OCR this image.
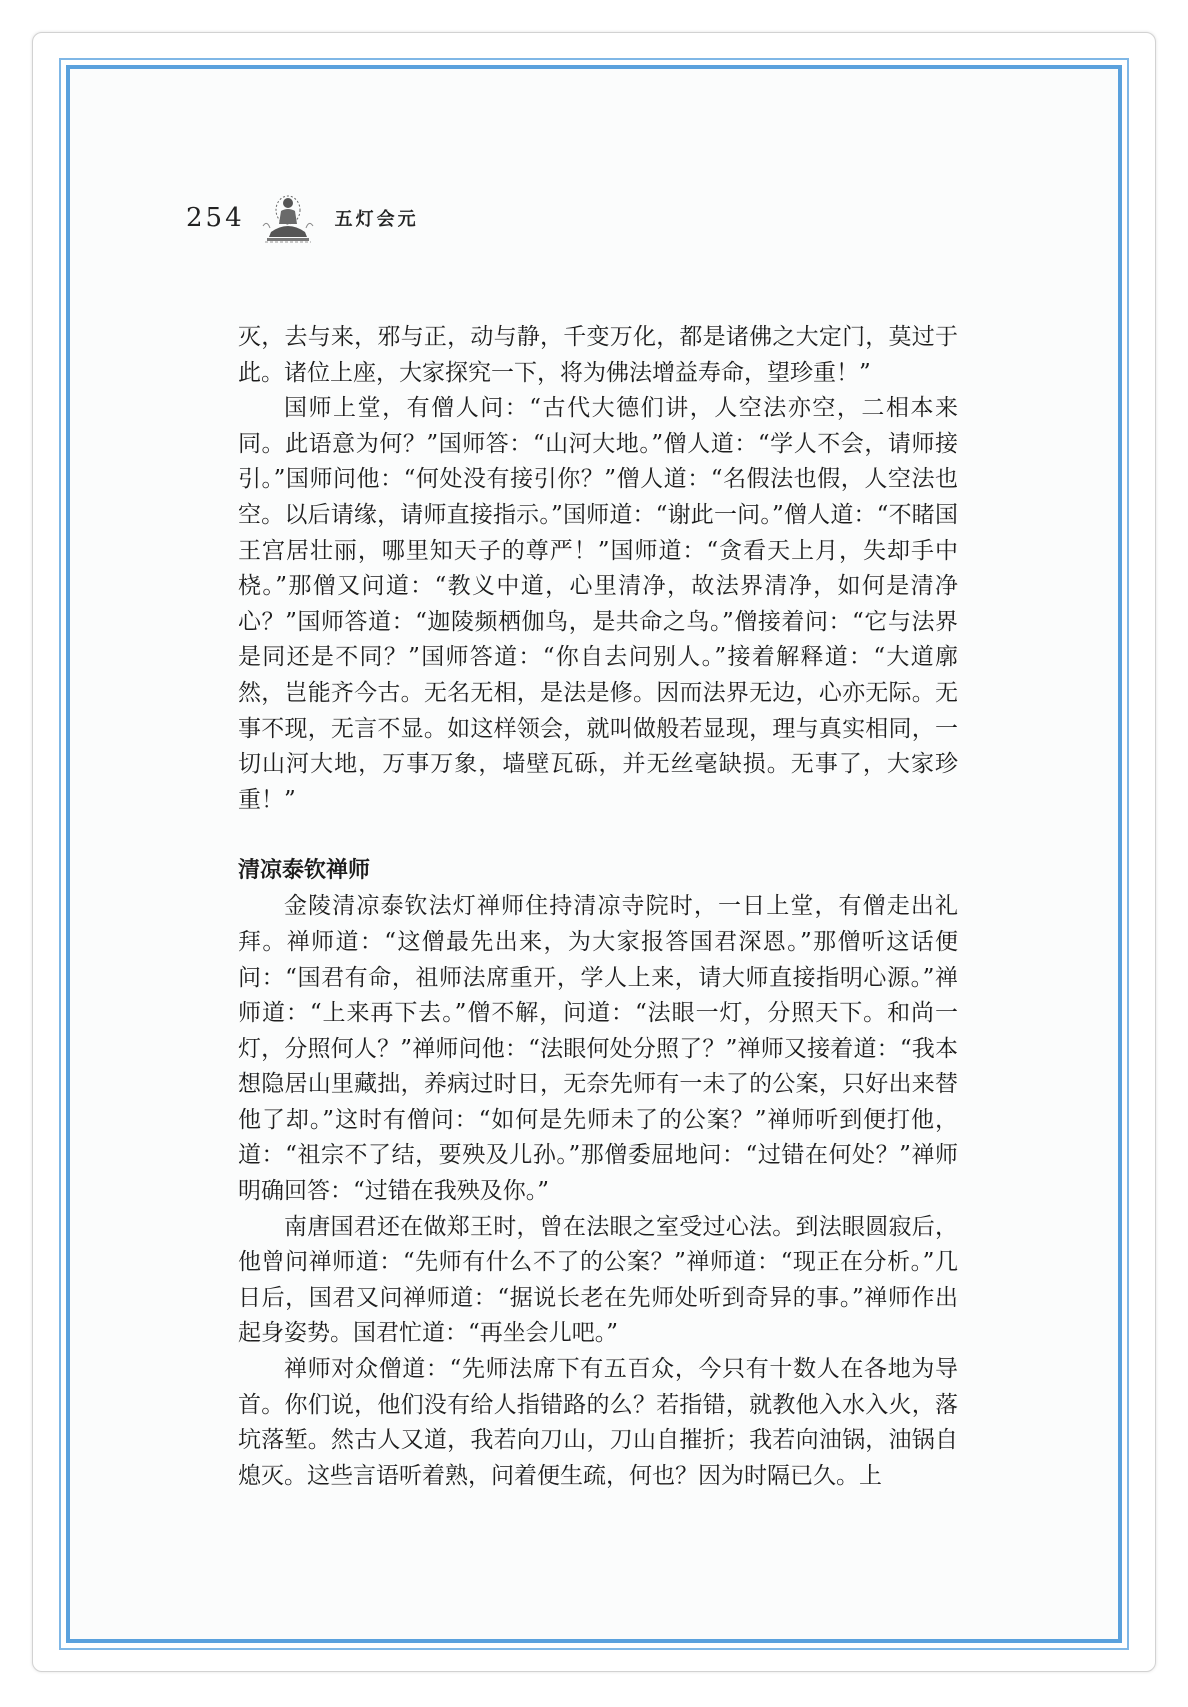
254	五灯会元

灭，去与来，邪与正，动与静，千变万化，都是诸佛之大定门，莫过于此。诸位上座，大家探究一下，将为佛法增益寿命，望珍重！”

国师上堂，有僧人问：“古代大德们讲，人空法亦空，二相本来同。此语意为何？”国师答：“山河大地。”僧人道：“学人不会，请师接引。”国师问他：“何处没有接引你？”僧人道：“名假法也假，人空法也空。以后请缘，请师直接指示。”国师道：“谢此一问。”僧人道：“不睹国王宫居壮丽，哪里知天子的尊严！”国师道：“贪看天上月，失却手中桡。”那僧又问道：“教义中道，心里清净，故法界清净，如何是清净心？”国师答道：“迦陵频栖伽鸟，是共命之鸟。”僧接着问：“它与法界是同还是不同？”国师答道：“你自去问别人。”接着解释道：“大道廓然，岂能齐今古。无名无相，是法是修。因而法界无边，心亦无际。无事不现，无言不显。如这样领会，就叫做般若显现，理与真实相同，一切山河大地，万事万象，墙壁瓦砾，并无丝毫缺损。无事了，大家珍重！”

清凉泰钦禅师

金陵清凉泰钦法灯禅师住持清凉寺院时，一日上堂，有僧走出礼拜。禅师道：“这僧最先出来，为大家报答国君深恩。”那僧听这话便问：“国君有命，祖师法席重开，学人上来，请大师直接指明心源。”禅师道：“上来再下去。”僧不解，问道：“法眼一灯，分照天下。和尚一灯，分照何人？”禅师问他：“法眼何处分照了？”禅师又接着道：“我本想隐居山里藏拙，养病过时日，无奈先师有一未了的公案，只好出来替他了却。”这时有僧问：“如何是先师未了的公案？”禅师听到便打他，道：“祖宗不了结，要殃及儿孙。”那僧委屈地问：“过错在何处？”禅师明确回答：“过错在我殃及你。”

南唐国君还在做郑王时，曾在法眼之室受过心法。到法眼圆寂后，他曾问禅师道：“先师有什么不了的公案？”禅师道：“现正在分析。”几日后，国君又问禅师道：“据说长老在先师处听到奇异的事。”禅师作出起身姿势。国君忙道：“再坐会儿吧。”

禅师对众僧道：“先师法席下有五百众，今只有十数人在各地为导首。你们说，他们没有给人指错路的么？若指错，就教他入水入火，落坑落堑。然古人又道，我若向刀山，刀山自摧折；我若向油锅，油锅自熄灭。这些言语听着熟，问着便生疏，何也？因为时隔已久。上
